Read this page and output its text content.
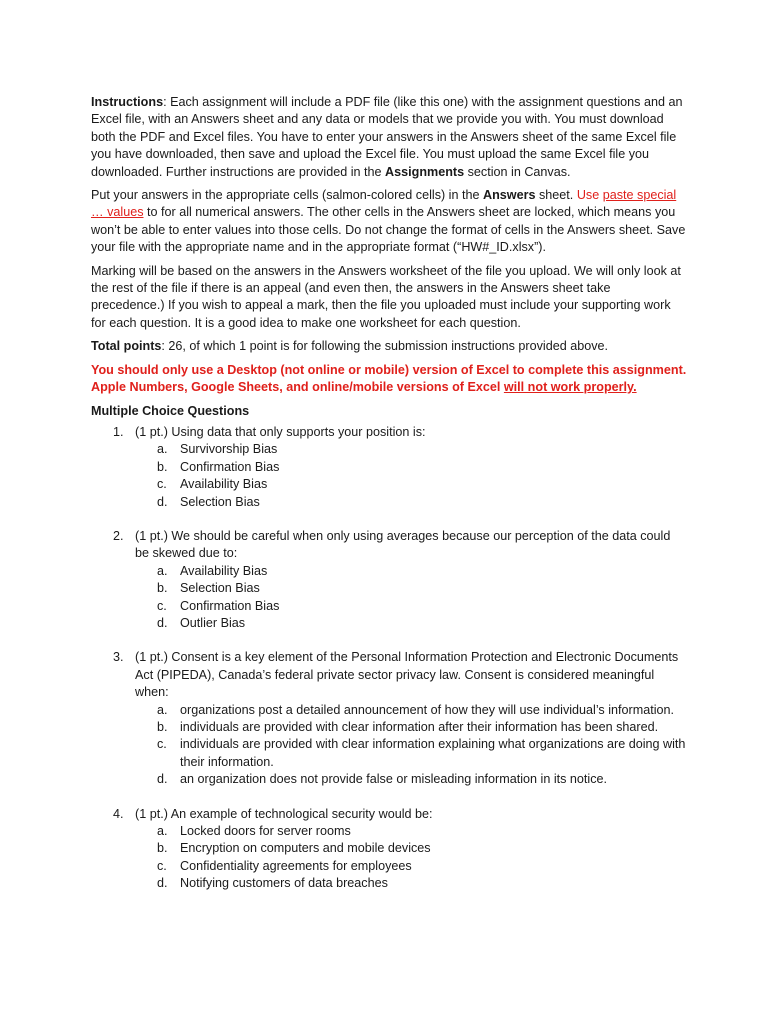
Instructions: Each assignment will include a PDF file (like this one) with the assignment questions and an Excel file, with an Answers sheet and any data or models that we provide you with. You must download both the PDF and Excel files. You have to enter your answers in the Answers sheet of the same Excel file you have downloaded, then save and upload the Excel file. You must upload the same Excel file you downloaded. Further instructions are provided in the Assignments section in Canvas.

Put your answers in the appropriate cells (salmon-colored cells) in the Answers sheet. Use paste special … values to for all numerical answers. The other cells in the Answers sheet are locked, which means you won’t be able to enter values into those cells. Do not change the format of cells in the Answers sheet. Save your file with the appropriate name and in the appropriate format (“HW#_ID.xlsx”).

Marking will be based on the answers in the Answers worksheet of the file you upload. We will only look at the rest of the file if there is an appeal (and even then, the answers in the Answers sheet take precedence.) If you wish to appeal a mark, then the file you uploaded must include your supporting work for each question. It is a good idea to make one worksheet for each question.

Total points: 26, of which 1 point is for following the submission instructions provided above.

You should only use a Desktop (not online or mobile) version of Excel to complete this assignment. Apple Numbers, Google Sheets, and online/mobile versions of Excel will not work properly.

Multiple Choice Questions
1. (1 pt.) Using data that only supports your position is:
a. Survivorship Bias
b. Confirmation Bias
c. Availability Bias
d. Selection Bias
2. (1 pt.) We should be careful when only using averages because our perception of the data could be skewed due to:
a. Availability Bias
b. Selection Bias
c. Confirmation Bias
d. Outlier Bias
3. (1 pt.) Consent is a key element of the Personal Information Protection and Electronic Documents Act (PIPEDA), Canada’s federal private sector privacy law. Consent is considered meaningful when:
a. organizations post a detailed announcement of how they will use individual’s information.
b. individuals are provided with clear information after their information has been shared.
c. individuals are provided with clear information explaining what organizations are doing with their information.
d. an organization does not provide false or misleading information in its notice.
4. (1 pt.) An example of technological security would be:
a. Locked doors for server rooms
b. Encryption on computers and mobile devices
c. Confidentiality agreements for employees
d. Notifying customers of data breaches
